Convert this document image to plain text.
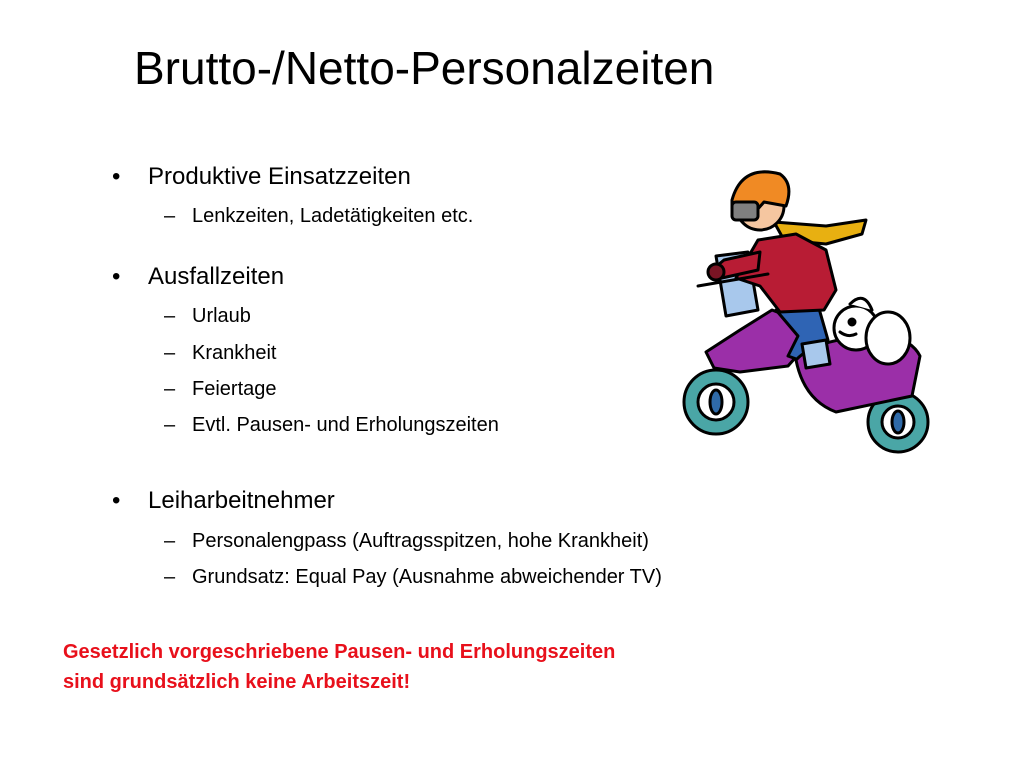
Brutto-/Netto-Personalzeiten
• Produktive Einsatzzeiten
– Lenkzeiten, Ladetätigkeiten etc.
• Ausfallzeiten
– Urlaub
– Krankheit
– Feiertage
– Evtl. Pausen- und Erholungszeiten
• Leiharbeitnehmer
– Personalengpass (Auftragsspitzen, hohe Krankheit)
– Grundsatz: Equal Pay (Ausnahme abweichender TV)
Gesetzlich vorgeschriebene Pausen- und Erholungszeiten
sind grundsätzlich keine Arbeitszeit!
